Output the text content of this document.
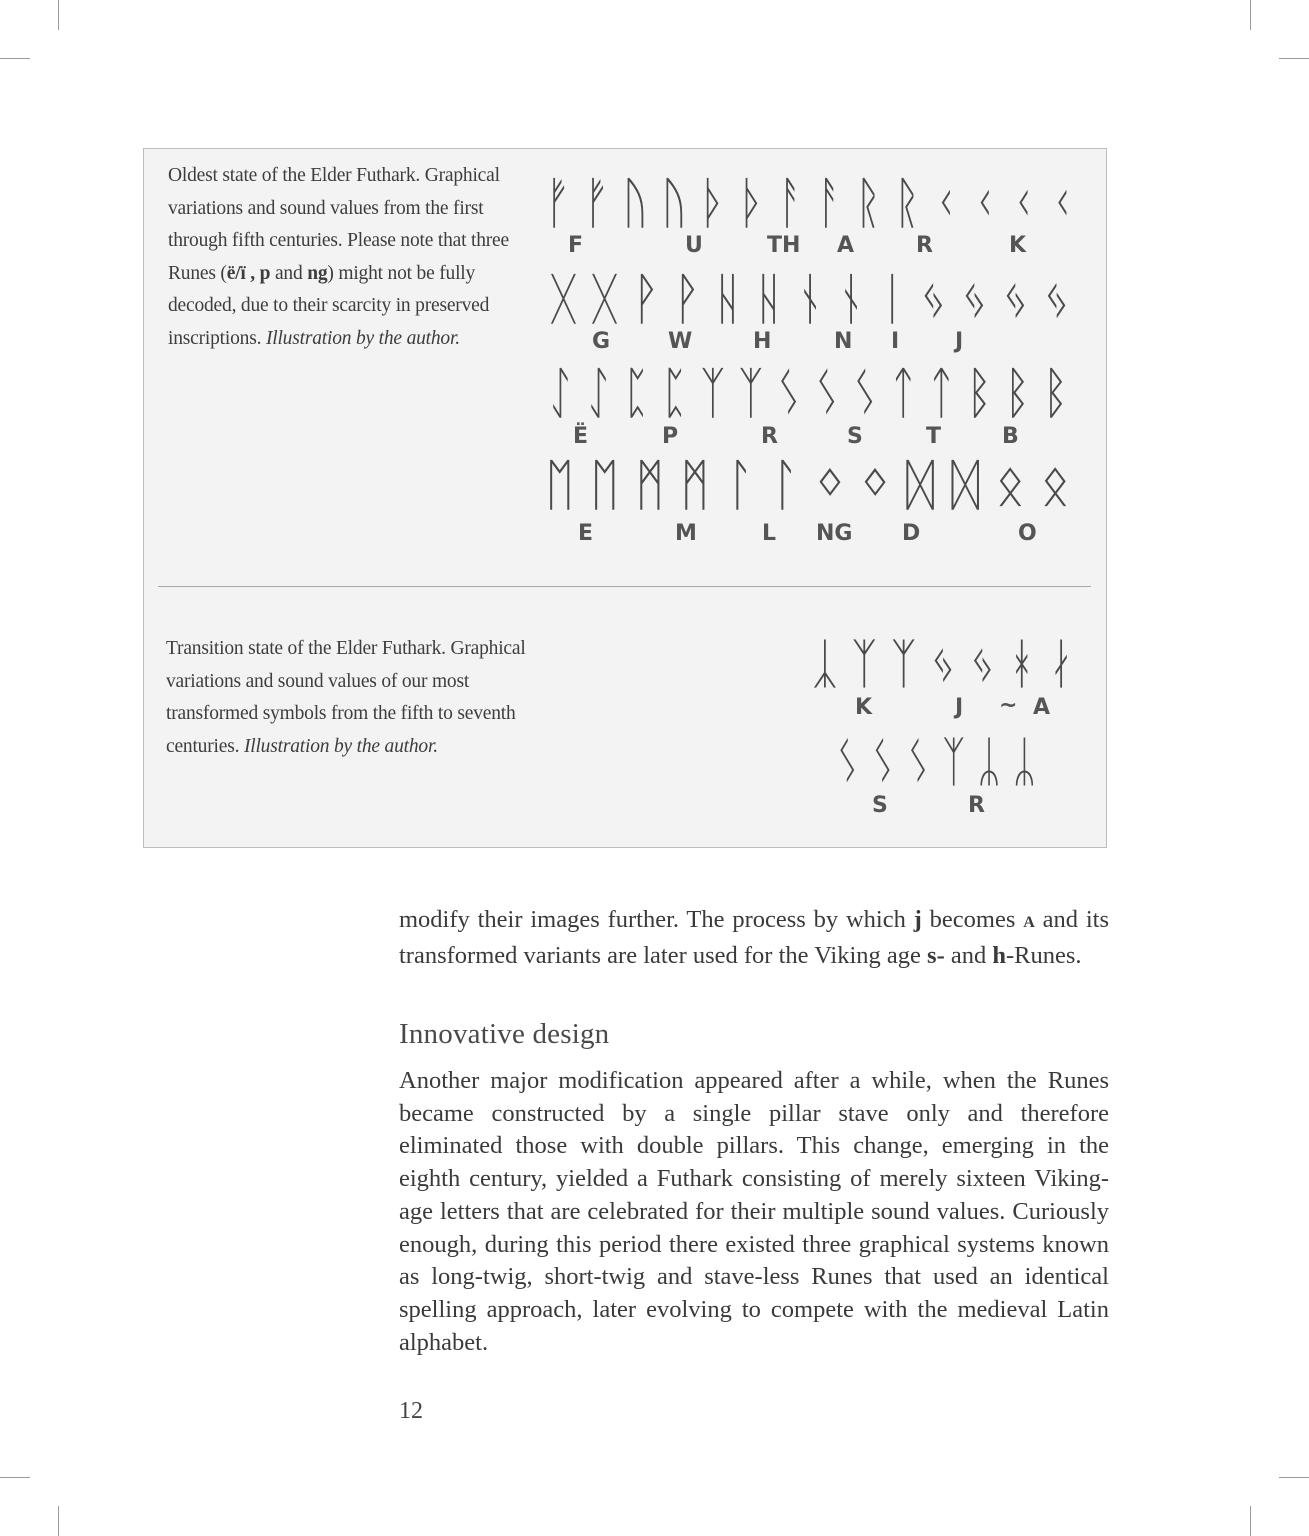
Oldest state of the Elder Futhark. Graphical variations and sound values from the first through fifth centuries. Please note that three Runes (ë/ï , p and ng) might not be fully decoded, due to their scarcity in preserved inscriptions. Illustration by the author.
ᚠ ᚠ ᚢ ᚢ ᚦ ᚦ ᚨ ᚨ ᚱ ᚱ ᚲ ᚲ ᚲ ᚲ
F	U	TH A	R	K
ᚷ ᚷ ᚹ ᚹ ᚺ ᚺ ᚾ ᚾ ᛁ ᛃ ᛃ ᛃ ᛃ
G	W	H	N I	J
ᛇ ᛇ ᛈ ᛈ ᛉ ᛉ ᛊ ᛊ ᛊ ᛏ ᛏ ᛒ ᛒ ᛒ
Ë	P	R	S	T	B
ᛖ ᛖ ᛗ ᛗ ᛚ ᛚ ᛜ ᛜ ᛞ ᛞ ᛟ ᛟ
E	M	L NG D	O
Transition state of the Elder Futhark. Graphical variations and sound values of our most transformed symbols from the fifth to seventh centuries. Illustration by the author.
ᛣ ᛉ ᛉ ᛃ ᛃ ᚼ ᛅ
K	J ~ A
ᛊ ᛊ ᛊ ᛉ ᛦ ᛦ
S	R
modify their images further. The process by which j becomes A and its transformed variants are later used for the Viking age s- and h-Runes.
Innovative design
Another major modification appeared after a while, when the Runes became constructed by a single pillar stave only and therefore eliminated those with double pillars. This change, emerging in the eighth century, yielded a Futhark consisting of merely sixteen Viking-age letters that are celebrated for their multiple sound values. Curiously enough, during this period there existed three graphical systems known as long-twig, short-twig and stave-less Runes that used an identical spelling approach, later evolving to compete with the medieval Latin alphabet.
12
